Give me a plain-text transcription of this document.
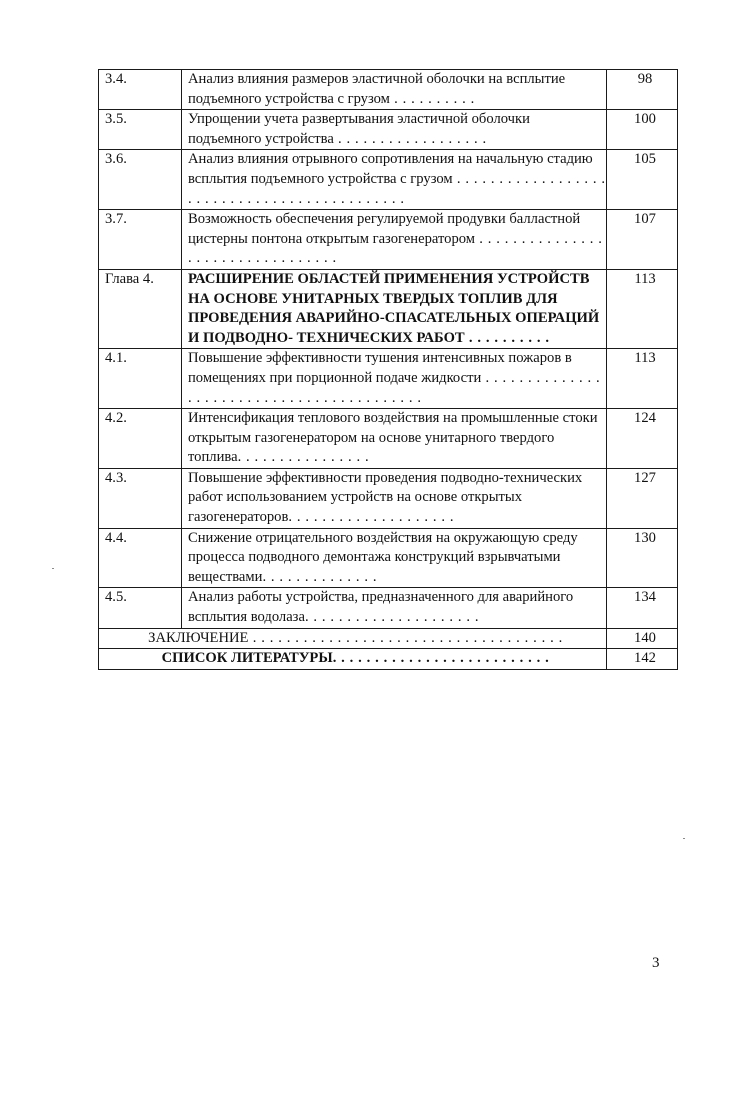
3.4.	Анализ влияния размеров эластичной оболочки на всплытие подъемного устройства с грузом . . . . . . . . . .	98
3.5.	Упрощении учета развертывания эластичной оболочки подъемного устройства . . . . . . . . . . . . . . . . . .	100
3.6.	Анализ влияния отрывного сопротивления на начальную стадию всплытия подъемного устройства с грузом . . . . . . . . . . . . . . . . . . . . . . . . . . . . . . . . . . . . . . . . . . . .	105
3.7.	Возможность обеспечения регулируемой продувки балластной цистерны понтона открытым газогенератором . . . . . . . . . . . . . . . . . . . . . . . . . . . . . . . . .	107
Глава 4.	РАСШИРЕНИЕ ОБЛАСТЕЙ ПРИМЕНЕНИЯ УСТРОЙСТВ НА ОСНОВЕ УНИТАРНЫХ ТВЕРДЫХ ТОПЛИВ ДЛЯ ПРОВЕДЕНИЯ АВАРИЙНО-СПАСАТЕЛЬНЫХ ОПЕРАЦИЙ И ПОДВОДНО- ТЕХНИЧЕСКИХ РАБОТ . . . . . . . . . .	113
4.1.	Повышение эффективности тушения интенсивных пожаров в помещениях при порционной подаче жидкости . . . . . . . . . . . . . . . . . . . . . . . . . . . . . . . . . . . . . . . . . .	113
4.2.	Интенсификация теплового воздействия на промышленные стоки открытым газогенератором на основе унитарного твердого топлива. . . . . . . . . . . . . . . .	124
4.3.	Повышение эффективности проведения подводно-технических работ использованием устройств на основе открытых газогенераторов. . . . . . . . . . . . . . . . . . . .	127
4.4.	Снижение отрицательного воздействия на окружающую среду процесса подводного демонтажа конструкций взрывчатыми веществами. . . . . . . . . . . . . .	130
4.5.	Анализ работы устройства, предназначенного для аварийного всплытия водолаза. . . . . . . . . . . . . . . . . . . . .	134
ЗАКЛЮЧЕНИЕ . . . . . . . . . . . . . . . . . . . . . . . . . . . . . . . . . . . . .		140
СПИСОК ЛИТЕРАТУРЫ. . . . . . . . . . . . . . . . . . . . . . . . . .		142
3
